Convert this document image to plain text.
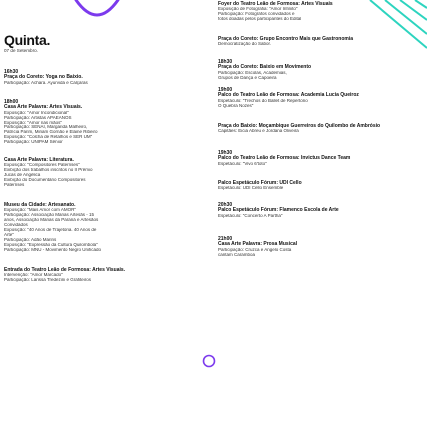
Quinta.
07 de Setembro.
16h30
Praça do Coreto: Yoga no Baixio.
Participação: Achara. Ayurvida e Calçaras
18h00
Casa Arte Palavra: Artes Visuais.
Exposição: "Amor Incondicional"
Participação: Artistas APAEANOS
Exposição: "Amor nas mãos"
Participação: SENAI, Margarida Malheiro,
Patrícia Parim, Miriam Gornão e Elaine Ribeiro
Exposição: "Colcha de Retalhos e SER UM"
Participação: UNIPAM Sênior
Casa Arte Palavra: Literatura.
Exposição: "Compositores Paternses"
Exibição dos trabalhos inscritos no II Prêmio
Jucas de Angélica
Exibição do Documentário Compositores
Paternses
Museu da Cidade: Artesanato.
Exposição: "Mais Amor com AMOR"
Participação: Associação Marias Artesãs - 15
anos, Associação Marias da Paraná e Artesãos
Convidados
Exposição: "40 Anos de Trajetória. 40 Anos de
Arte"
Participação: Adão Marins
Exposição: "Expressão da Cultura Quilombola"
Participação: MNU - Movimento Negro Unificado
Entrada do Teatro Leão de Formosa: Artes Visuais.
Intervenção: "Amor Marcado"
Participação: Larissa Tredezini e Grafiteiros
Foyer do Teatro Leão de Formosa: Artes Visuais
Exposição de Fotografia: "Amor Infinito"
Participação: Fotógrafos convidados e
fotos doadas pelos participantes do Edital
Praça do Coreto: Grupo Encontro Mais que Gastronomia
Democratização do Sabor.
18h30
Praça do Coreto: Baixio em Movimento
Participação: Escolas, Academias,
Grupos de Dança e Capoeira
19h00
Palco do Teatro Leão de Formosa: Academia Lucia Queiroz
Espetáculo: "Trechos do Ballet de Repertório
O Quebra Nozes"
Praça do Baixio: Moçambique Guerreiros do Quilombo de Ambrósio
Capitães: Eicia Abreu e Jordana Oliveira
19h30
Palco do Teatro Leão de Formosa: Invictus Dance Team
Espetáculo: "Vivo 6'toto"
Palco Espetáculo Fórum: UDI Cello
Espetáculo: UDI Cello Ensemble
20h30
Palco Espetáculo Fórum: Flamenco Escola de Arte
Espetáculo: "Concerto A Partha"
21h00
Casa Arte Palavra: Prosa Musical
Participação: Cruzca e Angelo Costa
cantam Caramboa
